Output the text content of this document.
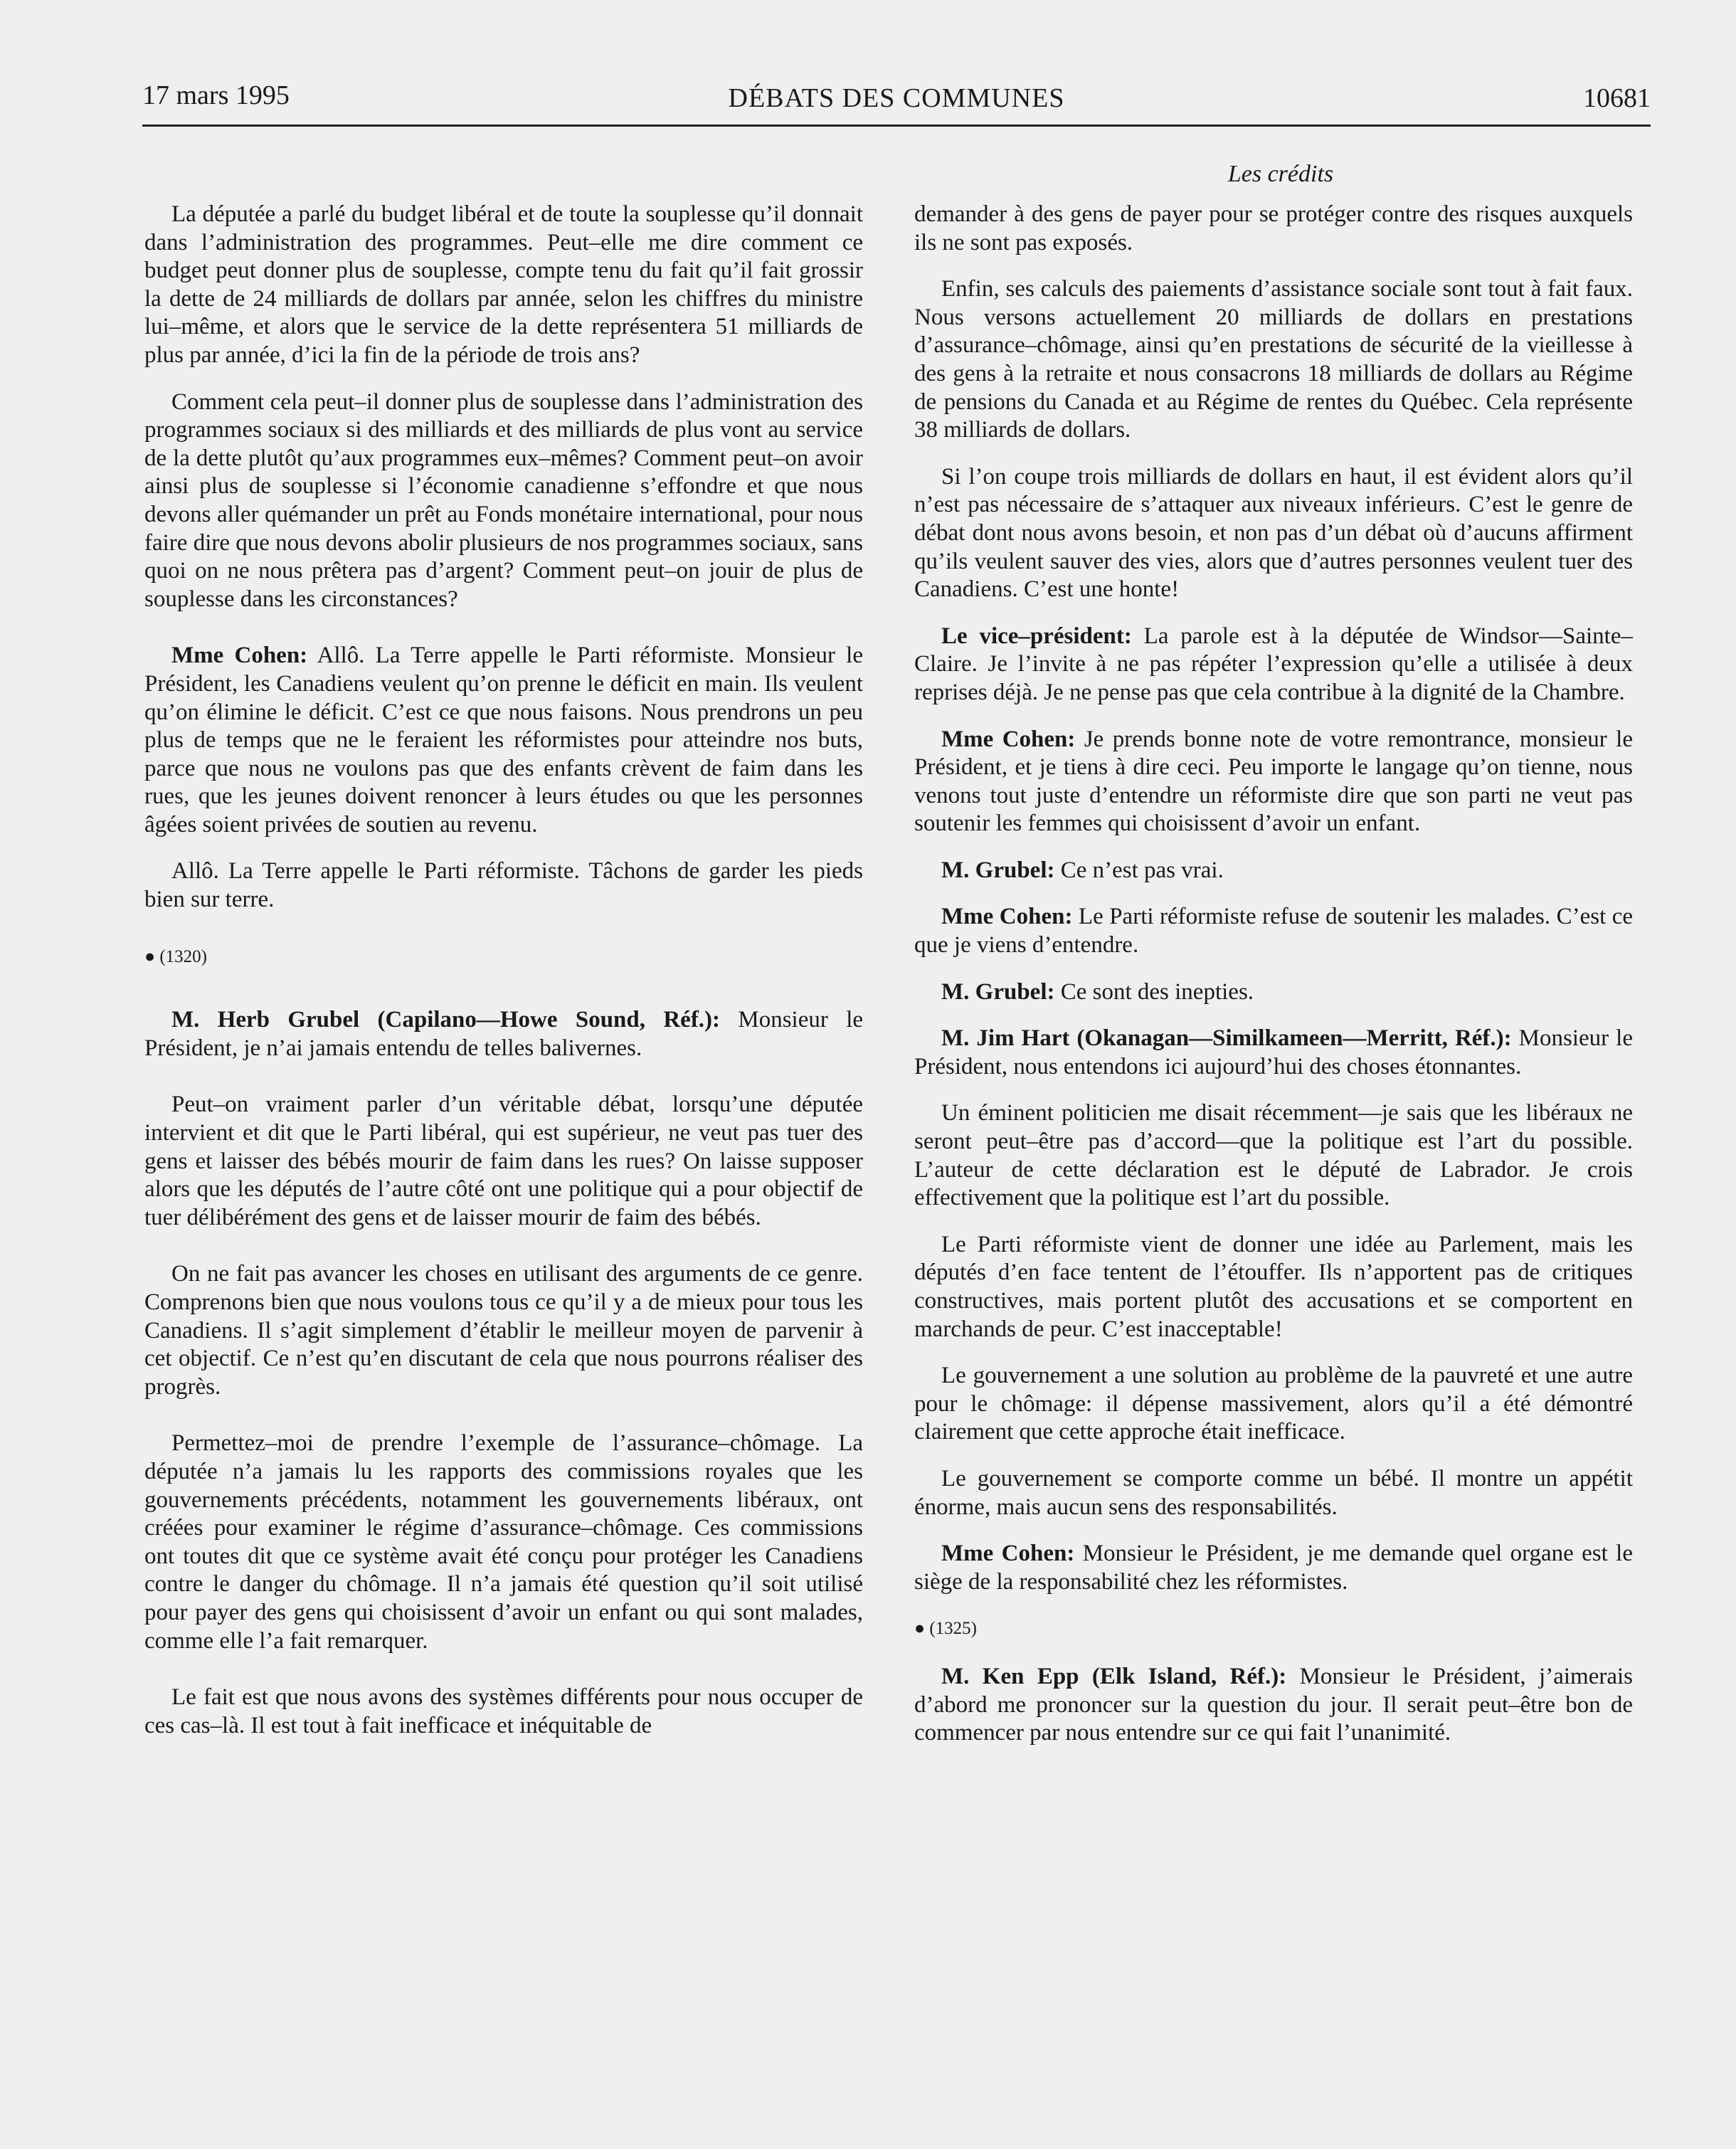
17 mars 1995	DÉBATS DES COMMUNES	10681
Les crédits

La députée a parlé du budget libéral et de toute la souplesse qu’il donnait dans l’administration des programmes. Peut–elle me dire comment ce budget peut donner plus de souplesse, compte tenu du fait qu’il fait grossir la dette de 24 milliards de dollars par année, selon les chiffres du ministre lui–même, et alors que le service de la dette représentera 51 milliards de plus par année, d’ici la fin de la période de trois ans?

Comment cela peut–il donner plus de souplesse dans l’administration des programmes sociaux si des milliards et des milliards de plus vont au service de la dette plutôt qu’aux programmes eux–mêmes? Comment peut–on avoir ainsi plus de souplesse si l’économie canadienne s’effondre et que nous devons aller quémander un prêt au Fonds monétaire international, pour nous faire dire que nous devons abolir plusieurs de nos programmes sociaux, sans quoi on ne nous prêtera pas d’argent? Comment peut–on jouir de plus de souplesse dans les circonstances?

Mme Cohen: Allô. La Terre appelle le Parti réformiste. Monsieur le Président, les Canadiens veulent qu’on prenne le déficit en main. Ils veulent qu’on élimine le déficit. C’est ce que nous faisons. Nous prendrons un peu plus de temps que ne le feraient les réformistes pour atteindre nos buts, parce que nous ne voulons pas que des enfants crèvent de faim dans les rues, que les jeunes doivent renoncer à leurs études ou que les personnes âgées soient privées de soutien au revenu.

Allô. La Terre appelle le Parti réformiste. Tâchons de garder les pieds bien sur terre.

● (1320)

M. Herb Grubel (Capilano—Howe Sound, Réf.): Monsieur le Président, je n’ai jamais entendu de telles balivernes.

Peut–on vraiment parler d’un véritable débat, lorsqu’une députée intervient et dit que le Parti libéral, qui est supérieur, ne veut pas tuer des gens et laisser des bébés mourir de faim dans les rues? On laisse supposer alors que les députés de l’autre côté ont une politique qui a pour objectif de tuer délibérément des gens et de laisser mourir de faim des bébés.

On ne fait pas avancer les choses en utilisant des arguments de ce genre. Comprenons bien que nous voulons tous ce qu’il y a de mieux pour tous les Canadiens. Il s’agit simplement d’établir le meilleur moyen de parvenir à cet objectif. Ce n’est qu’en discutant de cela que nous pourrons réaliser des progrès.

Permettez–moi de prendre l’exemple de l’assurance–chômage. La députée n’a jamais lu les rapports des commissions royales que les gouvernements précédents, notamment les gouvernements libéraux, ont créées pour examiner le régime d’assurance–chômage. Ces commissions ont toutes dit que ce système avait été conçu pour protéger les Canadiens contre le danger du chômage. Il n’a jamais été question qu’il soit utilisé pour payer des gens qui choisissent d’avoir un enfant ou qui sont malades, comme elle l’a fait remarquer.

Le fait est que nous avons des systèmes différents pour nous occuper de ces cas–là. Il est tout à fait inefficace et inéquitable de

demander à des gens de payer pour se protéger contre des risques auxquels ils ne sont pas exposés.

Enfin, ses calculs des paiements d’assistance sociale sont tout à fait faux. Nous versons actuellement 20 milliards de dollars en prestations d’assurance–chômage, ainsi qu’en prestations de sécurité de la vieillesse à des gens à la retraite et nous consacrons 18 milliards de dollars au Régime de pensions du Canada et au Régime de rentes du Québec. Cela représente 38 milliards de dollars.

Si l’on coupe trois milliards de dollars en haut, il est évident alors qu’il n’est pas nécessaire de s’attaquer aux niveaux inférieurs. C’est le genre de débat dont nous avons besoin, et non pas d’un débat où d’aucuns affirment qu’ils veulent sauver des vies, alors que d’autres personnes veulent tuer des Canadiens. C’est une honte!

Le vice–président: La parole est à la députée de Windsor—Sainte–Claire. Je l’invite à ne pas répéter l’expression qu’elle a utilisée à deux reprises déjà. Je ne pense pas que cela contribue à la dignité de la Chambre.

Mme Cohen: Je prends bonne note de votre remontrance, monsieur le Président, et je tiens à dire ceci. Peu importe le langage qu’on tienne, nous venons tout juste d’entendre un réformiste dire que son parti ne veut pas soutenir les femmes qui choisissent d’avoir un enfant.

M. Grubel: Ce n’est pas vrai.

Mme Cohen: Le Parti réformiste refuse de soutenir les malades. C’est ce que je viens d’entendre.

M. Grubel: Ce sont des inepties.

M. Jim Hart (Okanagan—Similkameen—Merritt, Réf.): Monsieur le Président, nous entendons ici aujourd’hui des choses étonnantes.

Un éminent politicien me disait récemment—je sais que les libéraux ne seront peut–être pas d’accord—que la politique est l’art du possible. L’auteur de cette déclaration est le député de Labrador. Je crois effectivement que la politique est l’art du possible.

Le Parti réformiste vient de donner une idée au Parlement, mais les députés d’en face tentent de l’étouffer. Ils n’apportent pas de critiques constructives, mais portent plutôt des accusations et se comportent en marchands de peur. C’est inacceptable!

Le gouvernement a une solution au problème de la pauvreté et une autre pour le chômage: il dépense massivement, alors qu’il a été démontré clairement que cette approche était inefficace.

Le gouvernement se comporte comme un bébé. Il montre un appétit énorme, mais aucun sens des responsabilités.

Mme Cohen: Monsieur le Président, je me demande quel organe est le siège de la responsabilité chez les réformistes.

● (1325)

M. Ken Epp (Elk Island, Réf.): Monsieur le Président, j’aimerais d’abord me prononcer sur la question du jour. Il serait peut–être bon de commencer par nous entendre sur ce qui fait l’unanimité.
